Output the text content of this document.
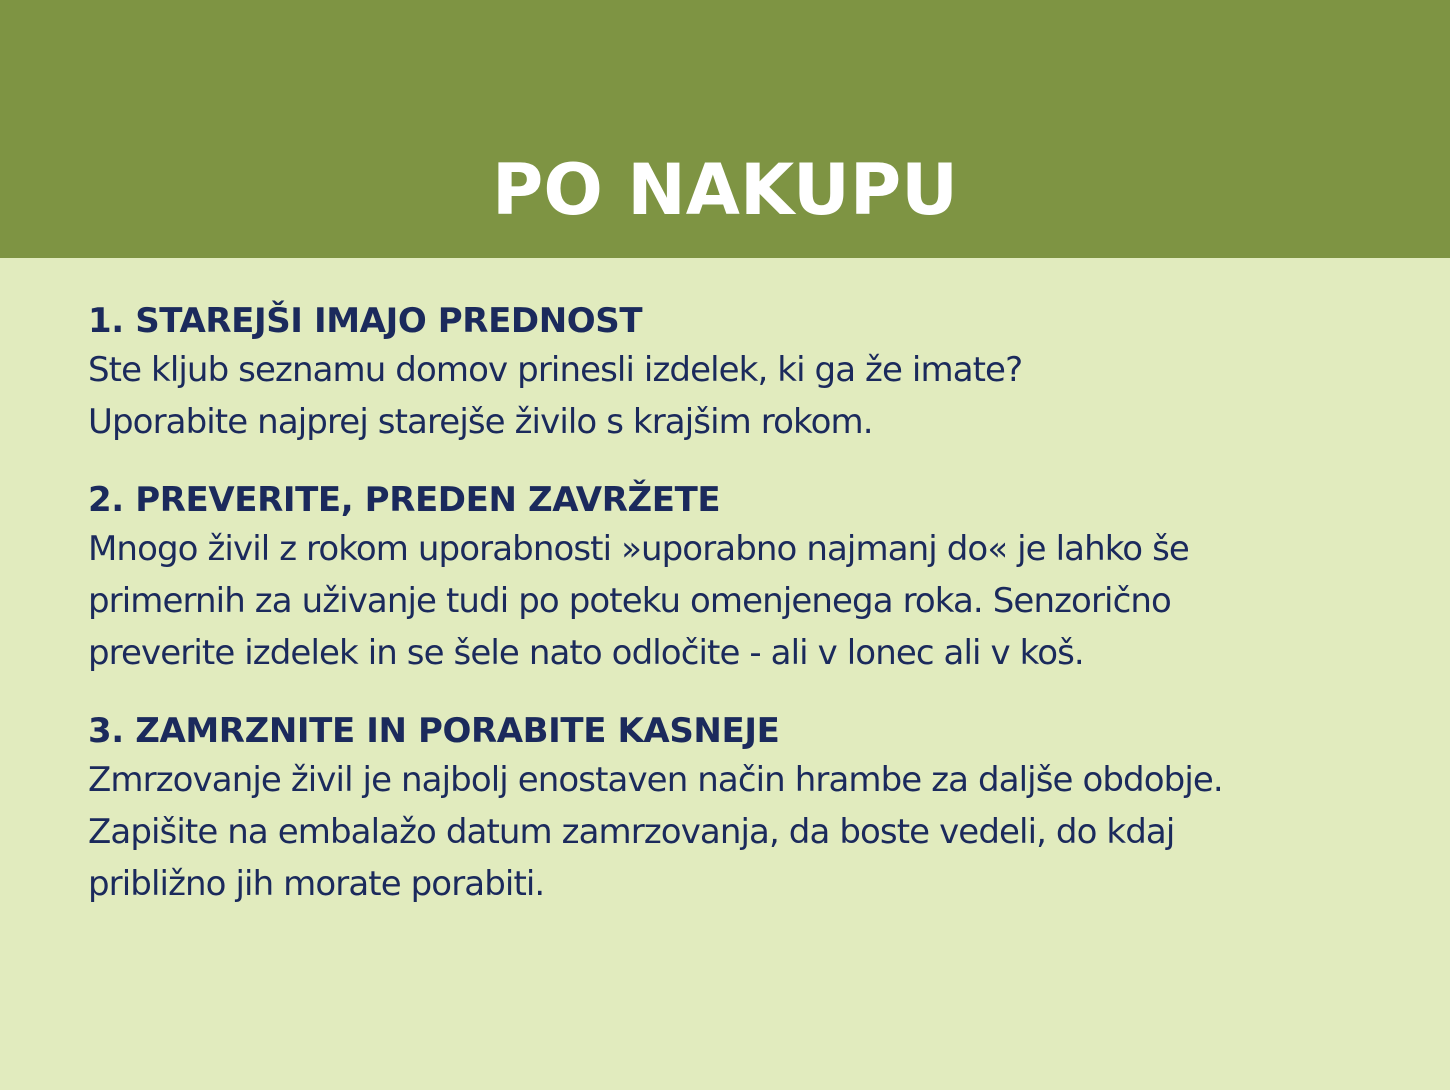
PO NAKUPU
1. STAREJŠI IMAJO PREDNOST

Ste kljub seznamu domov prinesli izdelek, ki ga že imate?

Uporabite najprej starejše živilo s krajšim rokom.

2. PREVERITE, PREDEN ZAVRŽETE

Mnogo živil z rokom uporabnosti »uporabno najmanj do« je lahko še

primernih za uživanje tudi po poteku omenjenega roka. Senzorično

preverite izdelek in se šele nato odločite - ali v lonec ali v koš.

3. ZAMRZNITE IN PORABITE KASNEJE

Zmrzovanje živil je najbolj enostaven način hrambe za daljše obdobje.

Zapišite na embalažo datum zamrzovanja, da boste vedeli, do kdaj

približno jih morate porabiti.
